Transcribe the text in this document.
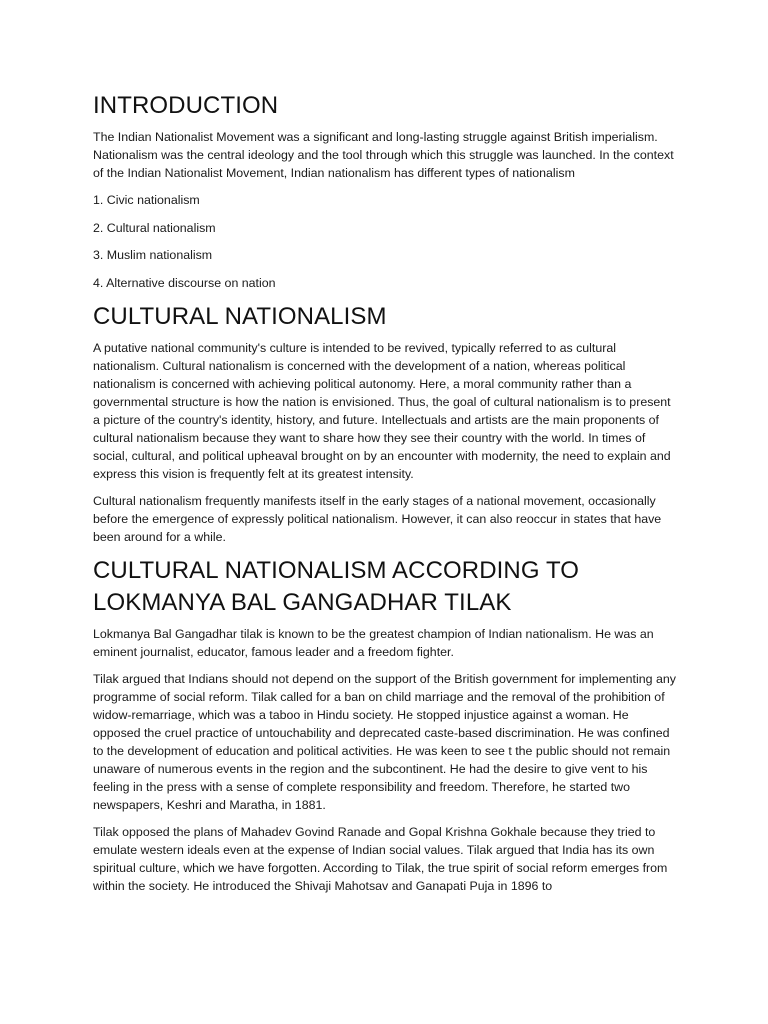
INTRODUCTION

The Indian Nationalist Movement was a significant and long-lasting struggle against British imperialism. Nationalism was the central ideology and the tool through which this struggle was launched. In the context of the Indian Nationalist Movement, Indian nationalism has different types of nationalism

1. Civic nationalism

2. Cultural nationalism

3. Muslim nationalism

4. Alternative discourse on nation

CULTURAL NATIONALISM

A putative national community's culture is intended to be revived, typically referred to as cultural nationalism. Cultural nationalism is concerned with the development of a nation, whereas political nationalism is concerned with achieving political autonomy. Here, a moral community rather than a governmental structure is how the nation is envisioned. Thus, the goal of cultural nationalism is to present a picture of the country's identity, history, and future. Intellectuals and artists are the main proponents of cultural nationalism because they want to share how they see their country with the world. In times of social, cultural, and political upheaval brought on by an encounter with modernity, the need to explain and express this vision is frequently felt at its greatest intensity.

Cultural nationalism frequently manifests itself in the early stages of a national movement, occasionally before the emergence of expressly political nationalism. However, it can also reoccur in states that have been around for a while.

CULTURAL NATIONALISM ACCORDING TO LOKMANYA BAL GANGADHAR TILAK

Lokmanya Bal Gangadhar tilak is known to be the greatest champion of Indian nationalism. He was an eminent journalist, educator, famous leader and a freedom fighter.

Tilak argued that Indians should not depend on the support of the British government for implementing any programme of social reform. Tilak called for a ban on child marriage and the removal of the prohibition of widow-remarriage, which was a taboo in Hindu society. He stopped injustice against a woman. He opposed the cruel practice of untouchability and deprecated caste-based discrimination. He was confined to the development of education and political activities. He was keen to see t the public should not remain unaware of numerous events in the region and the subcontinent. He had the desire to give vent to his feeling in the press with a sense of complete responsibility and freedom. Therefore, he started two newspapers, Keshri and Maratha, in 1881.

Tilak opposed the plans of Mahadev Govind Ranade and Gopal Krishna Gokhale because they tried to emulate western ideals even at the expense of Indian social values. Tilak argued that India has its own spiritual culture, which we have forgotten. According to Tilak, the true spirit of social reform emerges from within the society. He introduced the Shivaji Mahotsav and Ganapati Puja in 1896 to
